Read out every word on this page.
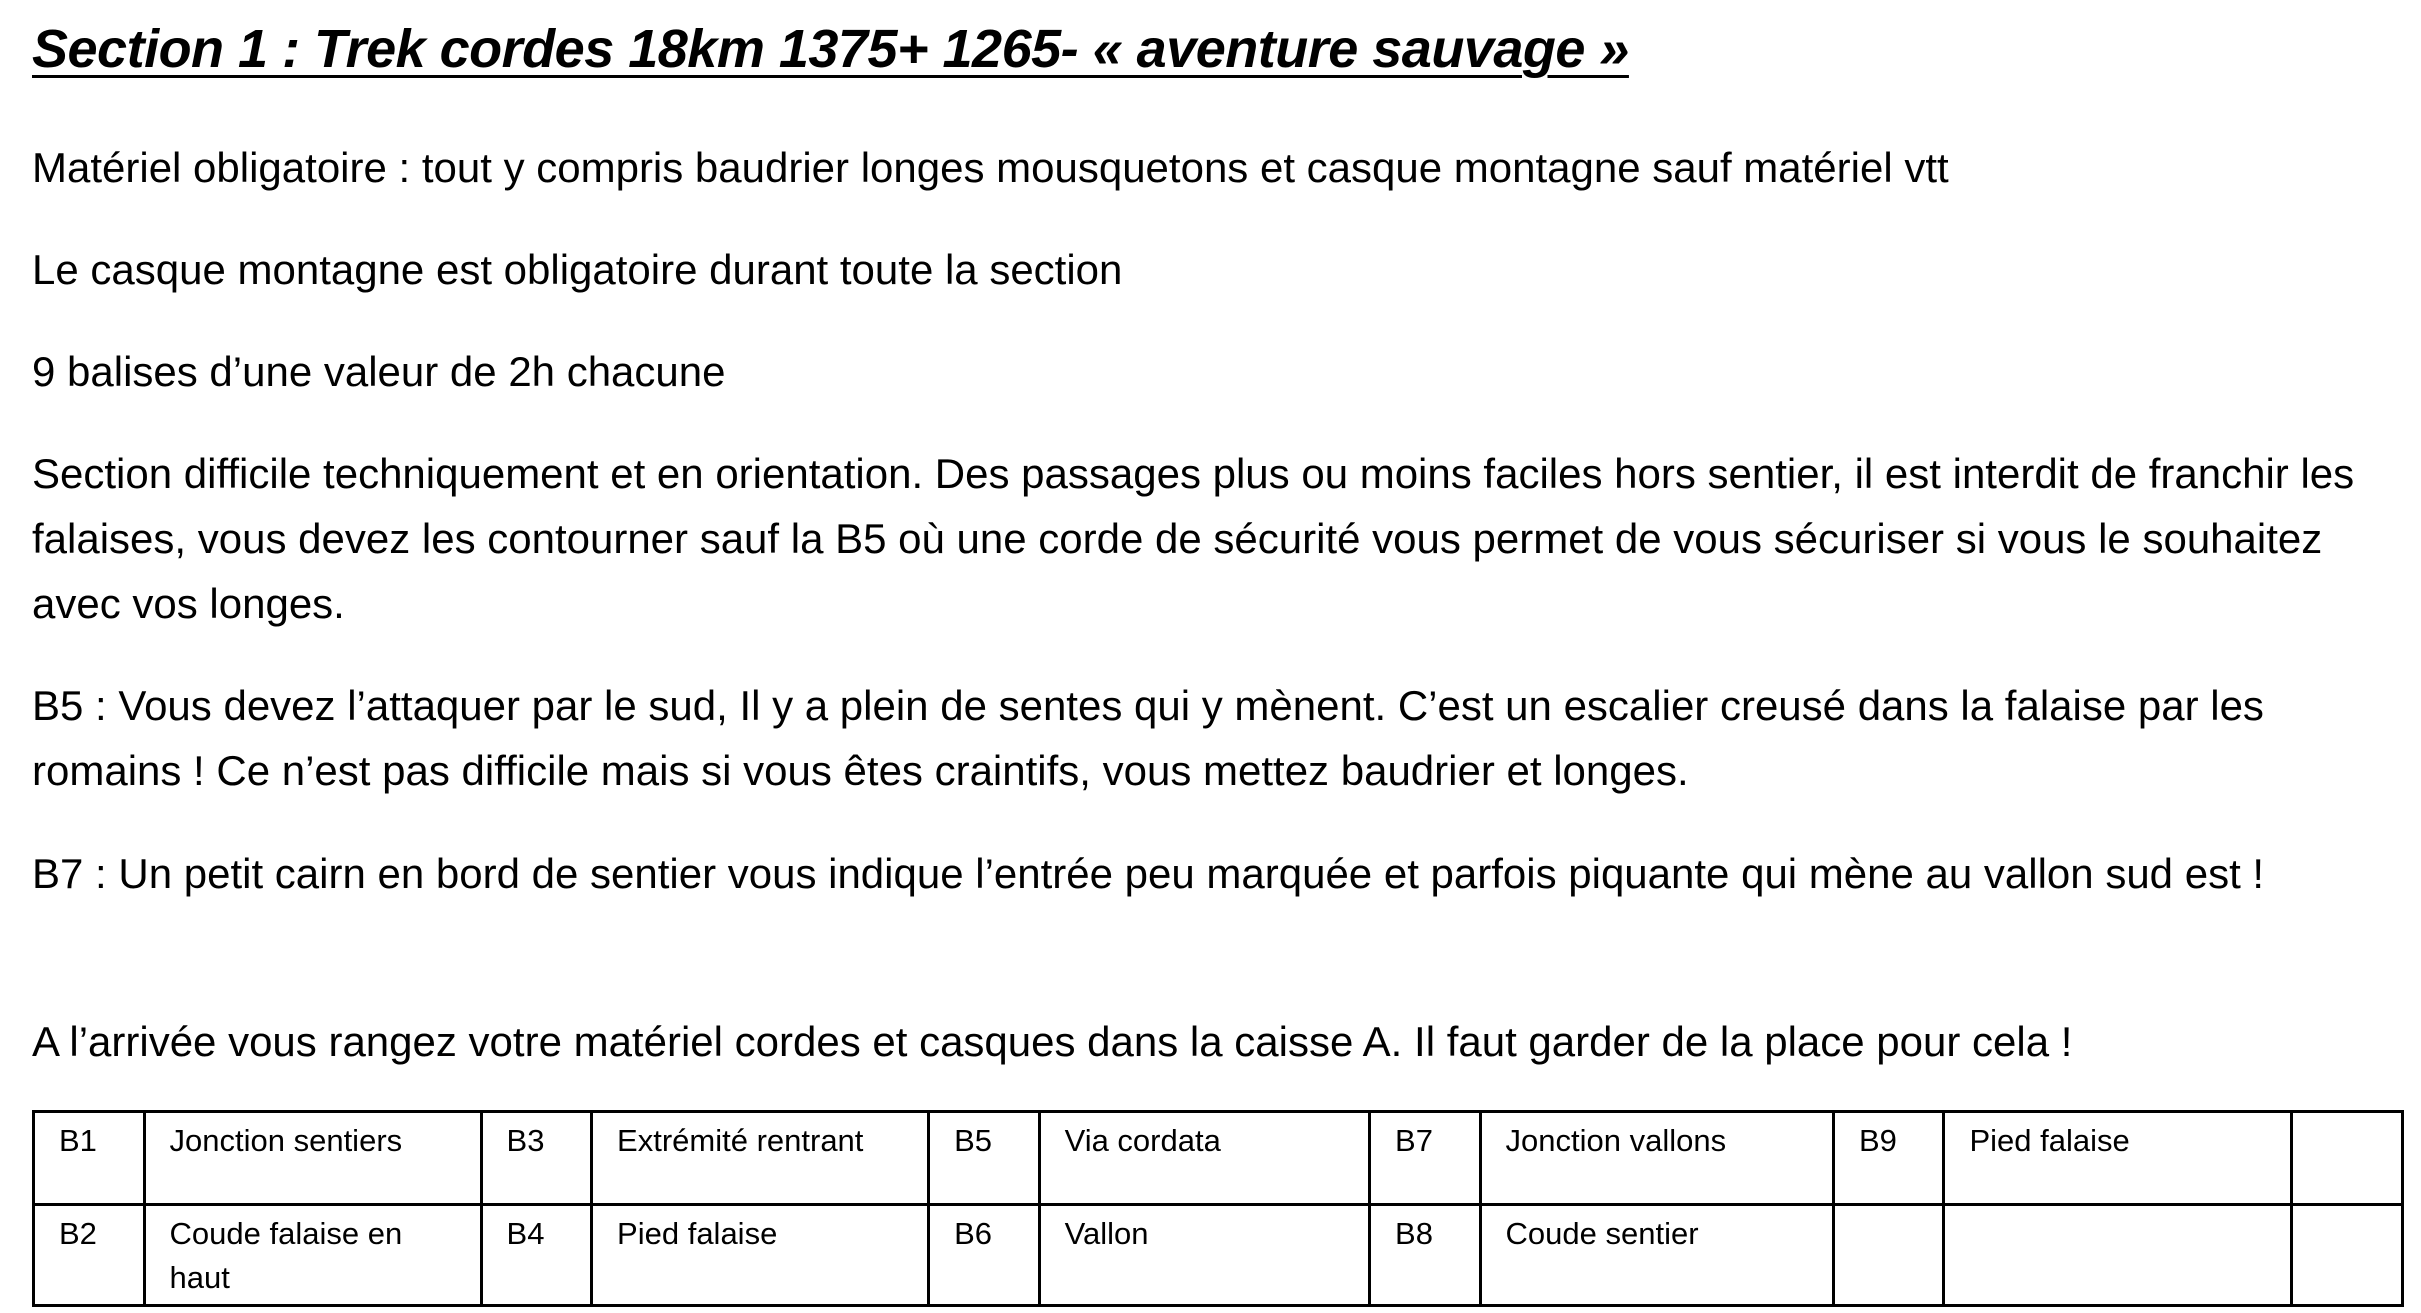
Section 1 : Trek cordes 18km 1375+ 1265- « aventure sauvage »

Matériel obligatoire : tout y compris baudrier longes mousquetons et casque montagne sauf matériel vtt

Le casque montagne est obligatoire durant toute la section

9 balises d’une valeur de 2h chacune

Section difficile techniquement et en orientation. Des passages plus ou moins faciles hors sentier, il est interdit de franchir les falaises, vous devez les contourner sauf la B5 où une corde de sécurité vous permet de vous sécuriser si vous le souhaitez avec vos longes.

B5 : Vous devez l’attaquer par le sud, Il y a plein de sentes qui y mènent. C’est un escalier creusé dans la falaise par les romains ! Ce n’est pas difficile mais si vous êtes craintifs, vous mettez baudrier et longes.

B7 : Un petit cairn en bord de sentier vous indique l’entrée peu marquée et parfois piquante qui mène au vallon sud est !

A l’arrivée vous rangez votre matériel cordes et casques dans la caisse A. Il faut garder de la place pour cela !

B1	Jonction sentiers	B3	Extrémité rentrant	B5	Via cordata	B7	Jonction vallons	B9	Pied falaise	
B2	Coude falaise en haut	B4	Pied falaise	B6	Vallon	B8	Coude sentier			
